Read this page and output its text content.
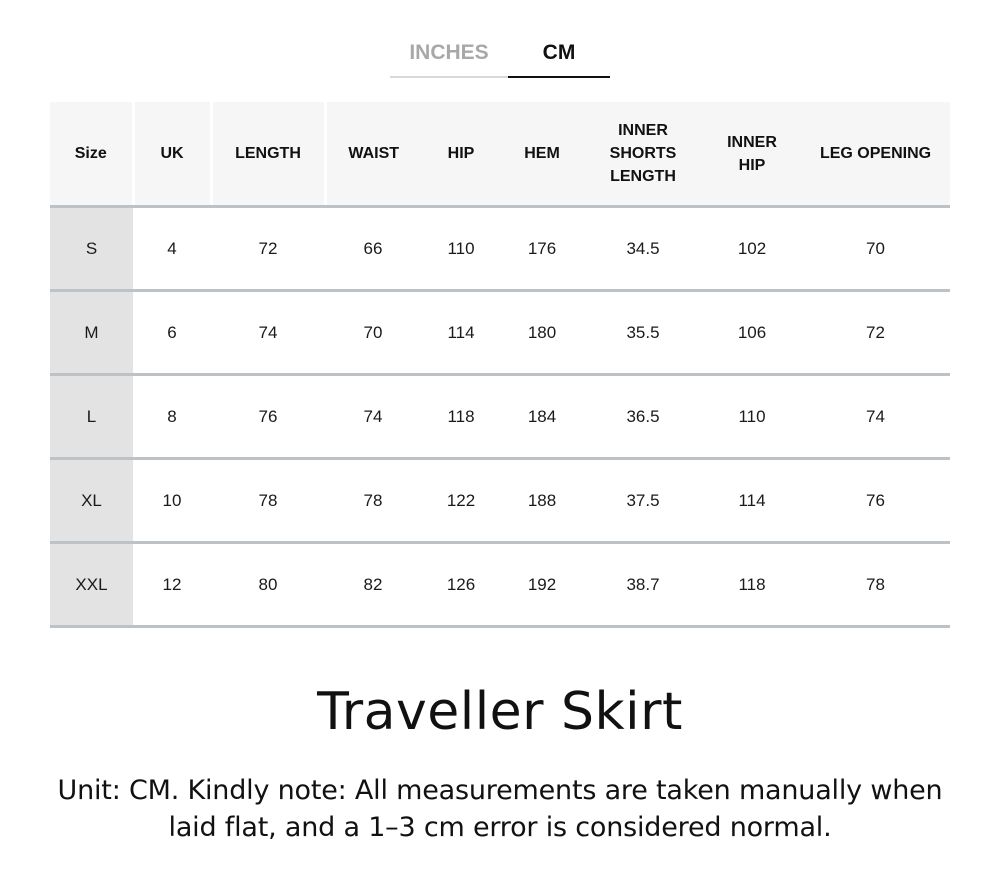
INCHES	CM
Size	UK	LENGTH	WAIST	HIP	HEM	INNER SHORTS LENGTH	INNER HIP	LEG OPENING
S	4	72	66	110	176	34.5	102	70
M	6	74	70	114	180	35.5	106	72
L	8	76	74	118	184	36.5	110	74
XL	10	78	78	122	188	37.5	114	76
XXL	12	80	82	126	192	38.7	118	78
Traveller Skirt
Unit: CM. Kindly note: All measurements are taken manually when laid flat, and a 1–3 cm error is considered normal.
